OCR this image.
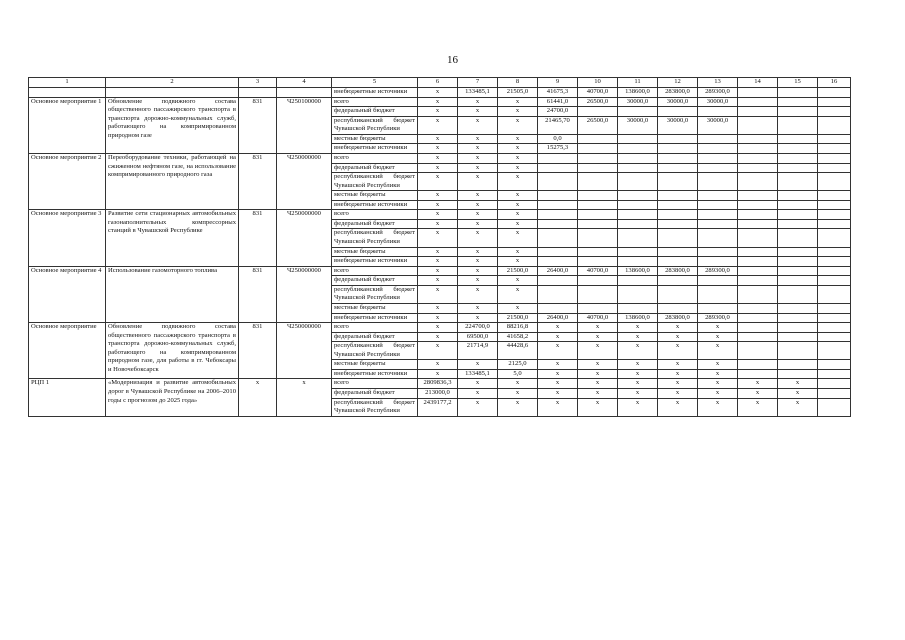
16
1	2	3	4	5	6	7	8	9	10	11	12	13	14	15	16
				внебюджетные источники	x	133485,1	21505,0	41675,3	40700,0	138600,0	283800,0	289300,0			
Основное мероприятие 1	Обновление подвижного состава общественного пассажирского транспорта в транспорта дорожно-коммунальных служб, работающего на компримированном природном газе	831	Ч250100000	всего	x	x	x	61441,0	26500,0	30000,0	30000,0	30000,0			
				федеральный бюджет	x	x	x	24700,0							
				республиканский бюджет Чувашской Республики	x	x	x	21465,70	26500,0	30000,0	30000,0	30000,0			
				местные бюджеты	x	x	x	0,0							
				внебюджетные источники	x	x	x	15275,3							
Основное мероприятие 2	Переоборудование техники, работающей на сжиженном нефтяном газе, на использование компримированного природного газа	831	Ч250000000	всего	x	x	x								
				федеральный бюджет	x	x	x								
				республиканский бюджет Чувашской Республики	x	x	x								
				местные бюджеты	x	x	x								
				внебюджетные источники	x	x	x								
Основное мероприятие 3	Развитие сети стационарных автомобильных газонаполнительных компрессорных станций в Чувашской Республике	831	Ч250000000	всего	x	x	x								
				федеральный бюджет	x	x	x								
				республиканский бюджет Чувашской Республики	x	x	x								
				местные бюджеты	x	x	x								
				внебюджетные источники	x	x	x								
Основное мероприятие 4	Использование газомоторного топлива	831	Ч250000000	всего	x	x	21500,0	26400,0	40700,0	138600,0	283800,0	289300,0			
				федеральный бюджет	x	x	x								
				республиканский бюджет Чувашской Республики	x	x	x								
				местные бюджеты	x	x	x								
				внебюджетные источники	x	x	21500,0	26400,0	40700,0	138600,0	283800,0	289300,0			
Основное мероприятие	Обновление подвижного состава общественного пассажирского транспорта в транспорта дорожно-коммунальных служб, работающего на компримированном природном газе, для работы в гг. Чебоксары и Новочебоксарск	831	Ч250000000	всего	x	224700,0	88216,8	x	x	x	x	x			
				федеральный бюджет	x	69500,0	41658,2	x	x	x	x	x			
				республиканский бюджет Чувашской Республики	x	21714,9	44428,6	x	x	x	x	x			
				местные бюджеты	x	x	2125,0	x	x	x	x	x			
				внебюджетные источники	x	133485,1	5,0	x	x	x	x	x			
РЦП 1	«Модернизация и развитие автомобильных дорог в Чувашской Республике на 2006–2010 годы с прогнозом до 2025 года»	x	x	всего	2809836,3	x	x	x	x	x	x	x	x	x	
				федеральный бюджет	213000,0	x	x	x	x	x	x	x	x	x	
				республиканский бюджет Чувашской Республики	2439177,2	x	x	x	x	x	x	x	x	x	
